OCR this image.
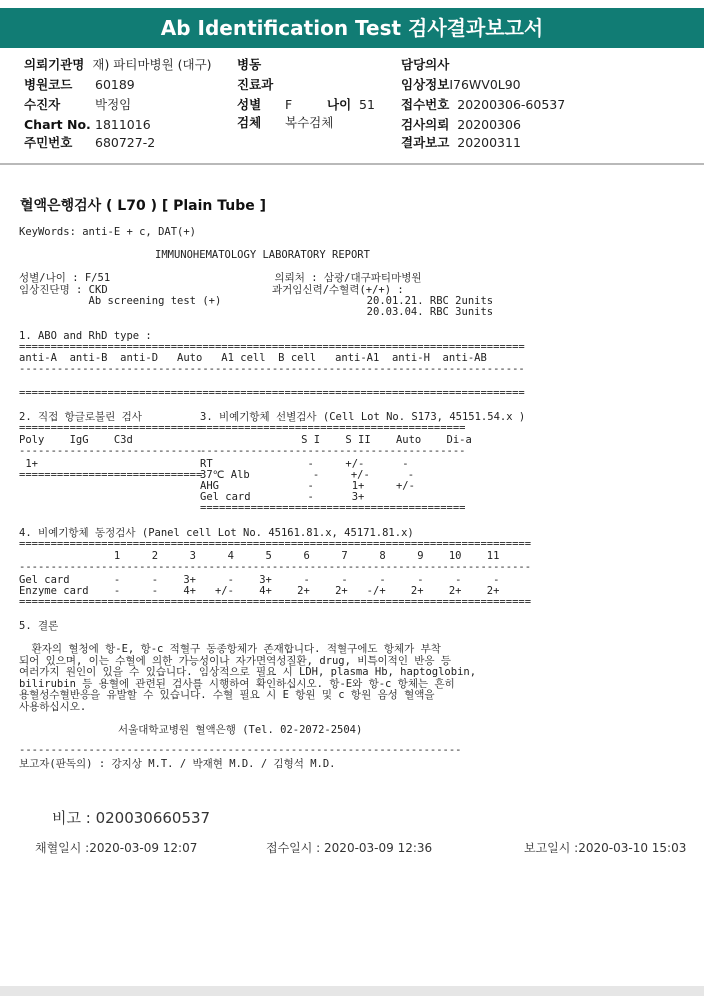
Ab Identification Test 검사결과보고서
의뢰기관명 재) 파티마병원 (대구) 병동	담당의사
병원코드 60189	진료과	임상정보I76WV0L90
수진자	박정임	성별 F	나이 51 접수번호 20200306-60537
Chart No. 1811016	검체 복수검체	검사의뢰 20200306
주민번호 680727-2	결과보고 20200311
혈액은행검사 ( L70 ) [ Plain Tube ]
KeyWords: anti-E + c, DAT(+)
IMMUNOHEMATOLOGY LABORATORY REPORT
성별/나이 : F/51                          의뢰처 : 삼광/대구파티마병원
임상진단명 : CKD                          과거임신력/수혈력(+/+) :
Ab screening test (+)                       20.01.21. RBC 2units
20.03.04. RBC 3units
1. ABO and RhD type :
================================================================================
anti-A  anti-B  anti-D   Auto   A1 cell  B cell   anti-A1  anti-H  anti-AB
--------------------------------------------------------------------------------
================================================================================
2. 직접 항글로불린 검사
=============================
Poly    IgG    C3d
-----------------------------
1+
=============================
3. 비예기항체 선별검사 (Cell Lot No. S173, 45151.54.x )
==========================================
S I    S II    Auto    Di-a
------------------------------------------
RT               -     +/-      -
37℃ Alb          -     +/-      -
AHG              -      1+     +/-
Gel card         -      3+
==========================================
4. 비예기항체 동정검사 (Panel cell Lot No. 45161.81.x, 45171.81.x)
=================================================================================
1     2     3     4     5     6     7     8     9    10    11
---------------------------------------------------------------------------------
Gel card       -     -    3+     -    3+     -     -     -     -     -     -
Enzyme card    -     -    4+   +/-    4+    2+    2+   -/+    2+    2+    2+
=================================================================================
5. 결론
환자의 혈청에 항-E, 항-c 적혈구 동종항체가 존재합니다. 적혈구에도 항체가 부착
되어 있으며, 이는 수혈에 의한 가능성이나 자가면역성질환, drug, 비특이적인 반응 등
여러가지 원인이 있을 수 있습니다. 임상적으로 필요 시 LDH, plasma Hb, haptoglobin,
bilirubin 등 용혈에 관련된 검사를 시행하여 확인하십시오. 항-E와 항-c 항체는 흔히
용혈성수혈반응을 유발할 수 있습니다. 수혈 필요 시 E 항원 및 c 항원 음성 혈액을
사용하십시오.
서울대학교병원 혈액은행 (Tel. 02-2072-2504)
----------------------------------------------------------------------
보고자(판독의) : 강지상 M.T. / 박재현 M.D. / 김형석 M.D.
비고 : 020030660537
채혈일시 :2020-03-09 12:07	접수일시 : 2020-03-09 12:36	보고일시 :2020-03-10 15:03
